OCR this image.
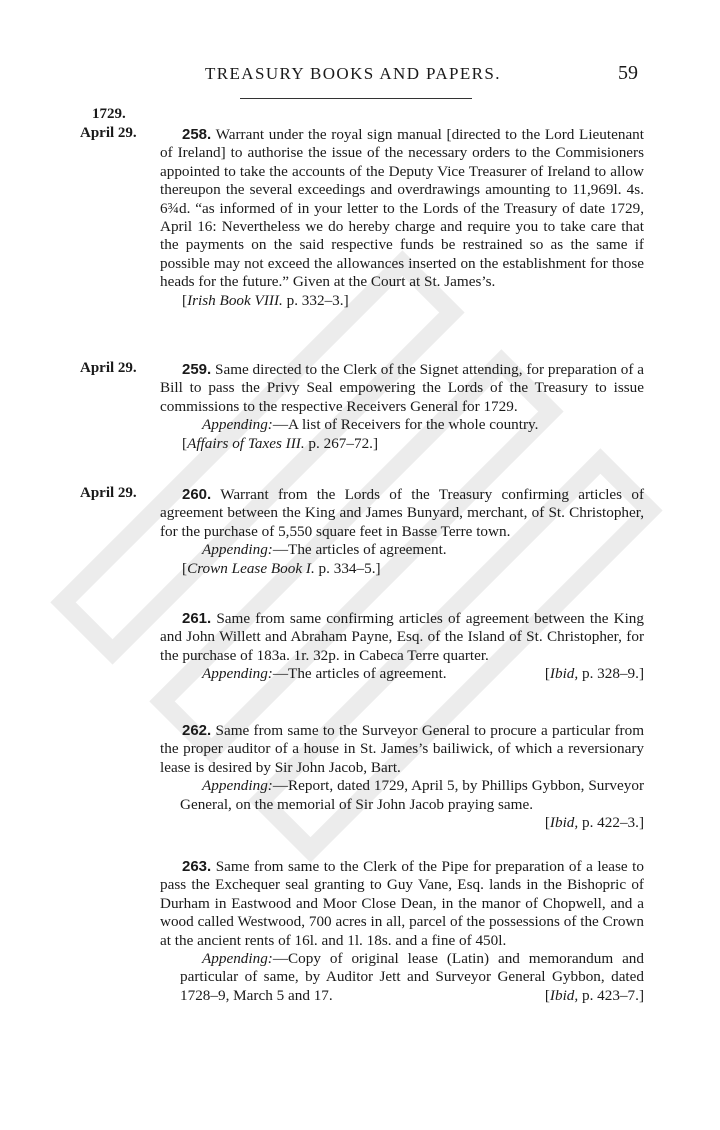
TREASURY BOOKS AND PAPERS.	59
1729.
April 29.	258. Warrant under the royal sign manual [directed to the Lord Lieutenant of Ireland] to authorise the issue of the necessary orders to the Commisioners appointed to take the accounts of the Deputy Vice Treasurer of Ireland to allow thereupon the several exceedings and overdrawings amounting to 11,969l. 4s. 6¾d. “as informed of in your letter to the Lords of the Treasury of date 1729, April 16: Nevertheless we do hereby charge and require you to take care that the payments on the said respective funds be restrained so as the same if possible may not exceed the allowances inserted on the establishment for those heads for the future.” Given at the Court at St. James’s.

[Irish Book VIII. p. 332–3.]

April 29.	259. Same directed to the Clerk of the Signet attending, for preparation of a Bill to pass the Privy Seal empowering the Lords of the Treasury to issue commissions to the respective Receivers General for 1729.

Appending:—A list of Receivers for the whole country.

[Affairs of Taxes III. p. 267–72.]

April 29.	260. Warrant from the Lords of the Treasury confirming articles of agreement between the King and James Bunyard, merchant, of St. Christopher, for the purchase of 5,550 square feet in Basse Terre town.

Appending:—The articles of agreement.

[Crown Lease Book I. p. 334–5.]

261. Same from same confirming articles of agreement between the King and John Willett and Abraham Payne, Esq. of the Island of St. Christopher, for the purchase of 183a. 1r. 32p. in Cabeca Terre quarter.

[Ibid, p. 328–9.]
Appending:—The articles of agreement.

262. Same from same to the Surveyor General to procure a particular from the proper auditor of a house in St. James’s bailiwick, of which a reversionary lease is desired by Sir John Jacob, Bart.

Appending:—Report, dated 1729, April 5, by Phillips Gybbon, Surveyor General, on the memorial of Sir John Jacob praying same.
[Ibid, p. 422–3.]

263. Same from same to the Clerk of the Pipe for preparation of a lease to pass the Exchequer seal granting to Guy Vane, Esq. lands in the Bishopric of Durham in Eastwood and Moor Close Dean, in the manor of Chopwell, and a wood called Westwood, 700 acres in all, parcel of the possessions of the Crown at the ancient rents of 16l. and 1l. 18s. and a fine of 450l.

Appending:—Copy of original lease (Latin) and memorandum and particular of same, by Auditor Jett and Surveyor General Gybbon, dated 1728–9, March 5 and 17.	[Ibid, p. 423–7.]
